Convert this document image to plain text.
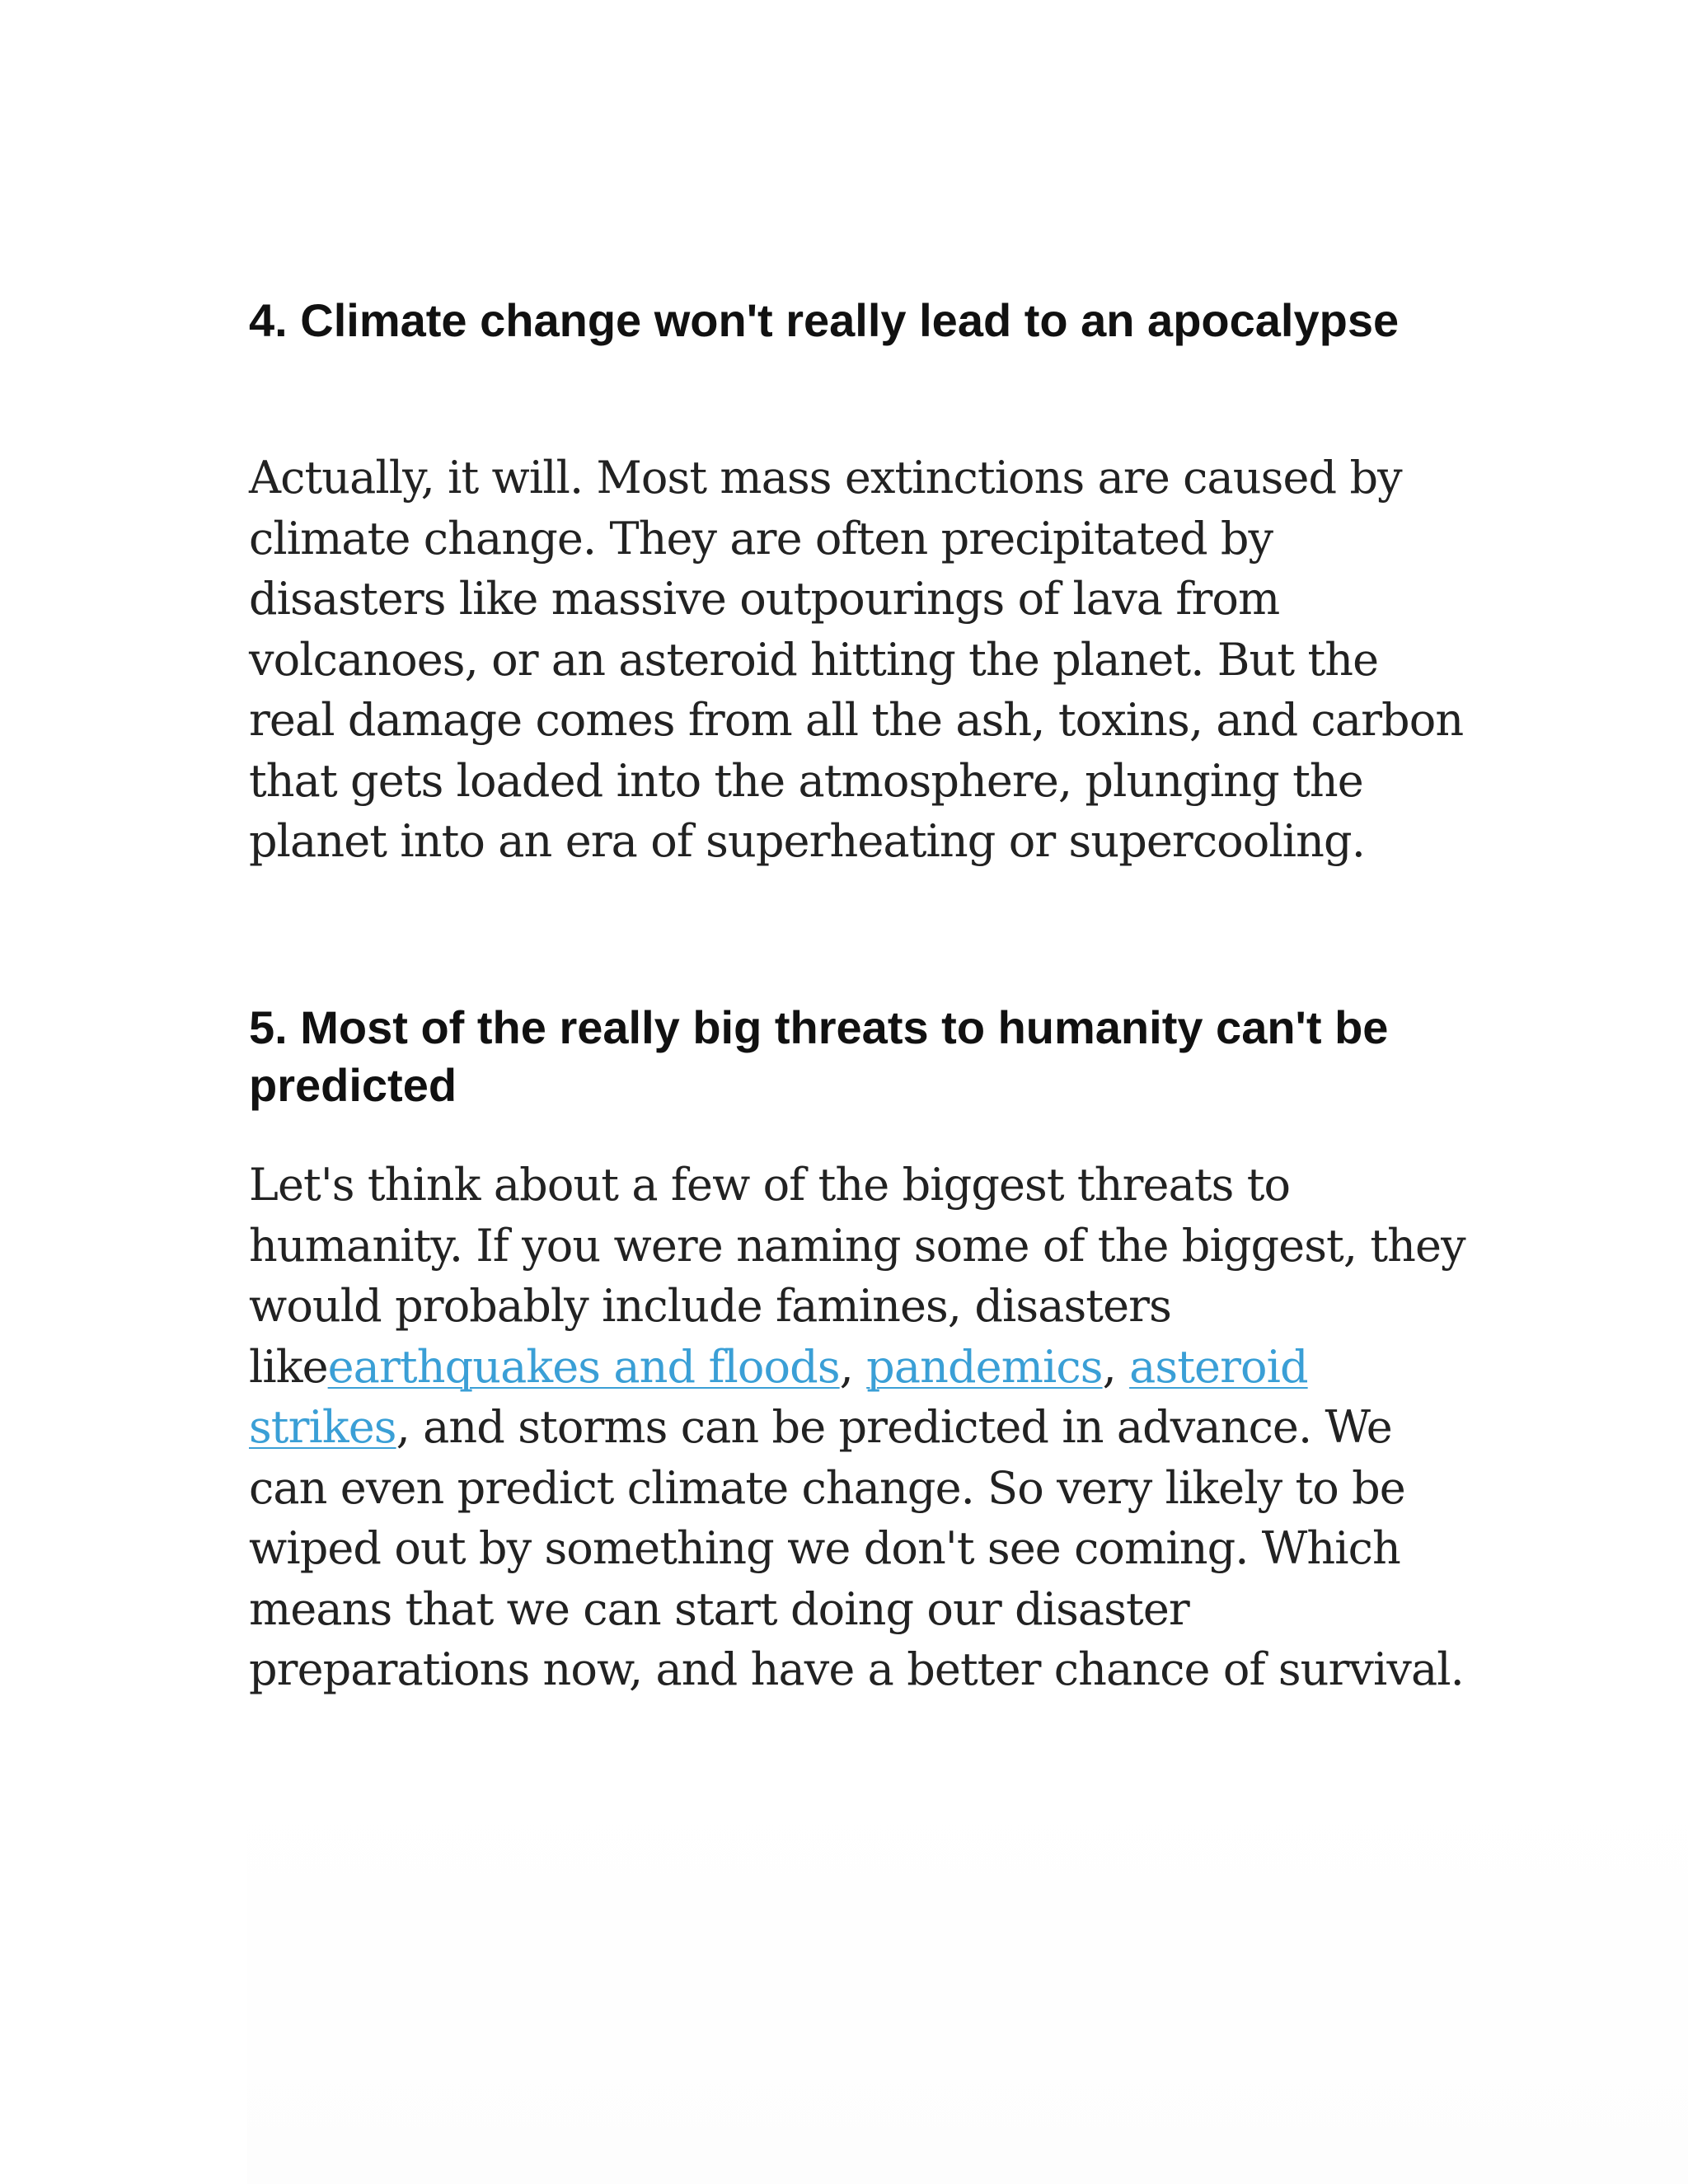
4. Climate change won't really lead to an apocalypse

Actually, it will. Most mass extinctions are caused by climate change. They are often precipitated by disasters like massive outpourings of lava from volcanoes, or an asteroid hitting the planet. But the real damage comes from all the ash, toxins, and carbon that gets loaded into the atmosphere, plunging the planet into an era of superheating or supercooling.

5. Most of the really big threats to humanity can't be predicted

Let's think about a few of the biggest threats to humanity. If you were naming some of the biggest, they would probably include famines, disasters likeearthquakes and floods, pandemics, asteroid strikes, and storms can be predicted in advance. We can even predict climate change. So very likely to be wiped out by something we don't see coming. Which means that we can start doing our disaster preparations now, and have a better chance of survival.
